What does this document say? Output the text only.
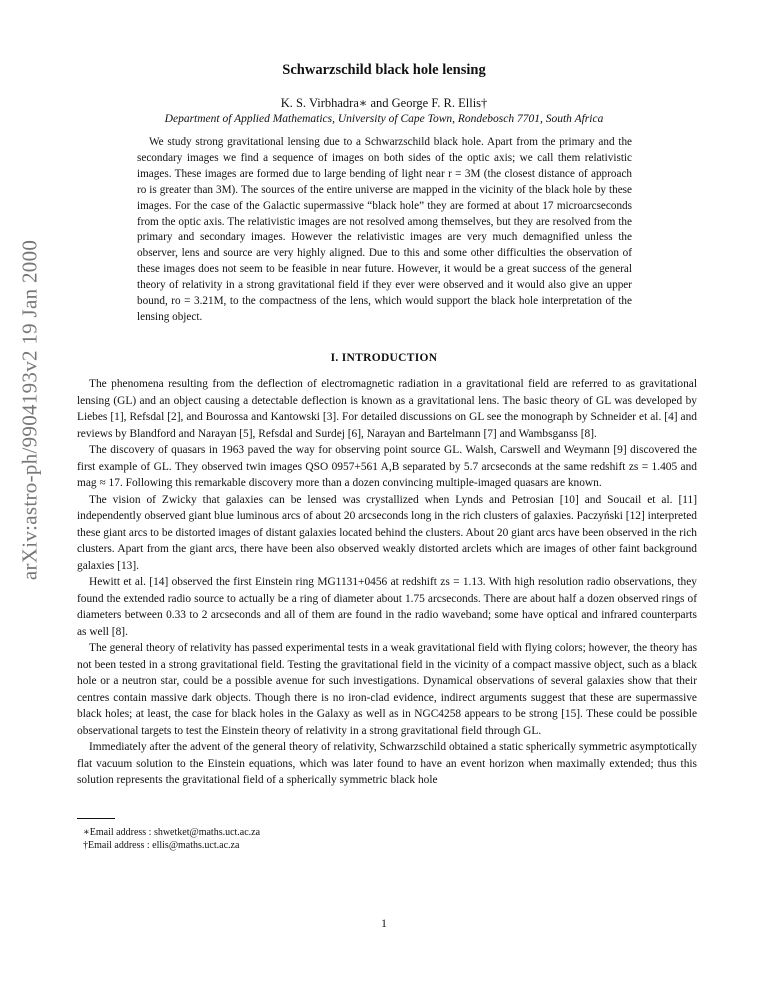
arXiv:astro-ph/9904193v2 19 Jan 2000
Schwarzschild black hole lensing
K. S. Virbhadra∗ and George F. R. Ellis†
Department of Applied Mathematics, University of Cape Town, Rondebosch 7701, South Africa

We study strong gravitational lensing due to a Schwarzschild black hole. Apart from the primary and the secondary images we find a sequence of images on both sides of the optic axis; we call them relativistic images. These images are formed due to large bending of light near r = 3M (the closest distance of approach ro is greater than 3M). The sources of the entire universe are mapped in the vicinity of the black hole by these images. For the case of the Galactic supermassive “black hole” they are formed at about 17 microarcseconds from the optic axis. The relativistic images are not resolved among themselves, but they are resolved from the primary and secondary images. However the relativistic images are very much demagnified unless the observer, lens and source are very highly aligned. Due to this and some other difficulties the observation of these images does not seem to be feasible in near future. However, it would be a great success of the general theory of relativity in a strong gravitational field if they ever were observed and it would also give an upper bound, ro = 3.21M, to the compactness of the lens, which would support the black hole interpretation of the lensing object.

I. INTRODUCTION

The phenomena resulting from the deflection of electromagnetic radiation in a gravitational field are referred to as gravitational lensing (GL) and an object causing a detectable deflection is known as a gravitational lens. The basic theory of GL was developed by Liebes [1], Refsdal [2], and Bourossa and Kantowski [3]. For detailed discussions on GL see the monograph by Schneider et al. [4] and reviews by Blandford and Narayan [5], Refsdal and Surdej [6], Narayan and Bartelmann [7] and Wambsganss [8].

The discovery of quasars in 1963 paved the way for observing point source GL. Walsh, Carswell and Weymann [9] discovered the first example of GL. They observed twin images QSO 0957+561 A,B separated by 5.7 arcseconds at the same redshift zs = 1.405 and mag ≈ 17. Following this remarkable discovery more than a dozen convincing multiple-imaged quasars are known.

The vision of Zwicky that galaxies can be lensed was crystallized when Lynds and Petrosian [10] and Soucail et al. [11] independently observed giant blue luminous arcs of about 20 arcseconds long in the rich clusters of galaxies. Paczyński [12] interpreted these giant arcs to be distorted images of distant galaxies located behind the clusters. About 20 giant arcs have been observed in the rich clusters. Apart from the giant arcs, there have been also observed weakly distorted arclets which are images of other faint background galaxies [13].

Hewitt et al. [14] observed the first Einstein ring MG1131+0456 at redshift zs = 1.13. With high resolution radio observations, they found the extended radio source to actually be a ring of diameter about 1.75 arcseconds. There are about half a dozen observed rings of diameters between 0.33 to 2 arcseconds and all of them are found in the radio waveband; some have optical and infrared counterparts as well [8].

The general theory of relativity has passed experimental tests in a weak gravitational field with flying colors; however, the theory has not been tested in a strong gravitational field. Testing the gravitational field in the vicinity of a compact massive object, such as a black hole or a neutron star, could be a possible avenue for such investigations. Dynamical observations of several galaxies show that their centres contain massive dark objects. Though there is no iron-clad evidence, indirect arguments suggest that these are supermassive black holes; at least, the case for black holes in the Galaxy as well as in NGC4258 appears to be strong [15]. These could be possible observational targets to test the Einstein theory of relativity in a strong gravitational field through GL.

Immediately after the advent of the general theory of relativity, Schwarzschild obtained a static spherically symmetric asymptotically flat vacuum solution to the Einstein equations, which was later found to have an event horizon when maximally extended; thus this solution represents the gravitational field of a spherically symmetric black hole

∗Email address : shwetket@maths.uct.ac.za
†Email address : ellis@maths.uct.ac.za
1
